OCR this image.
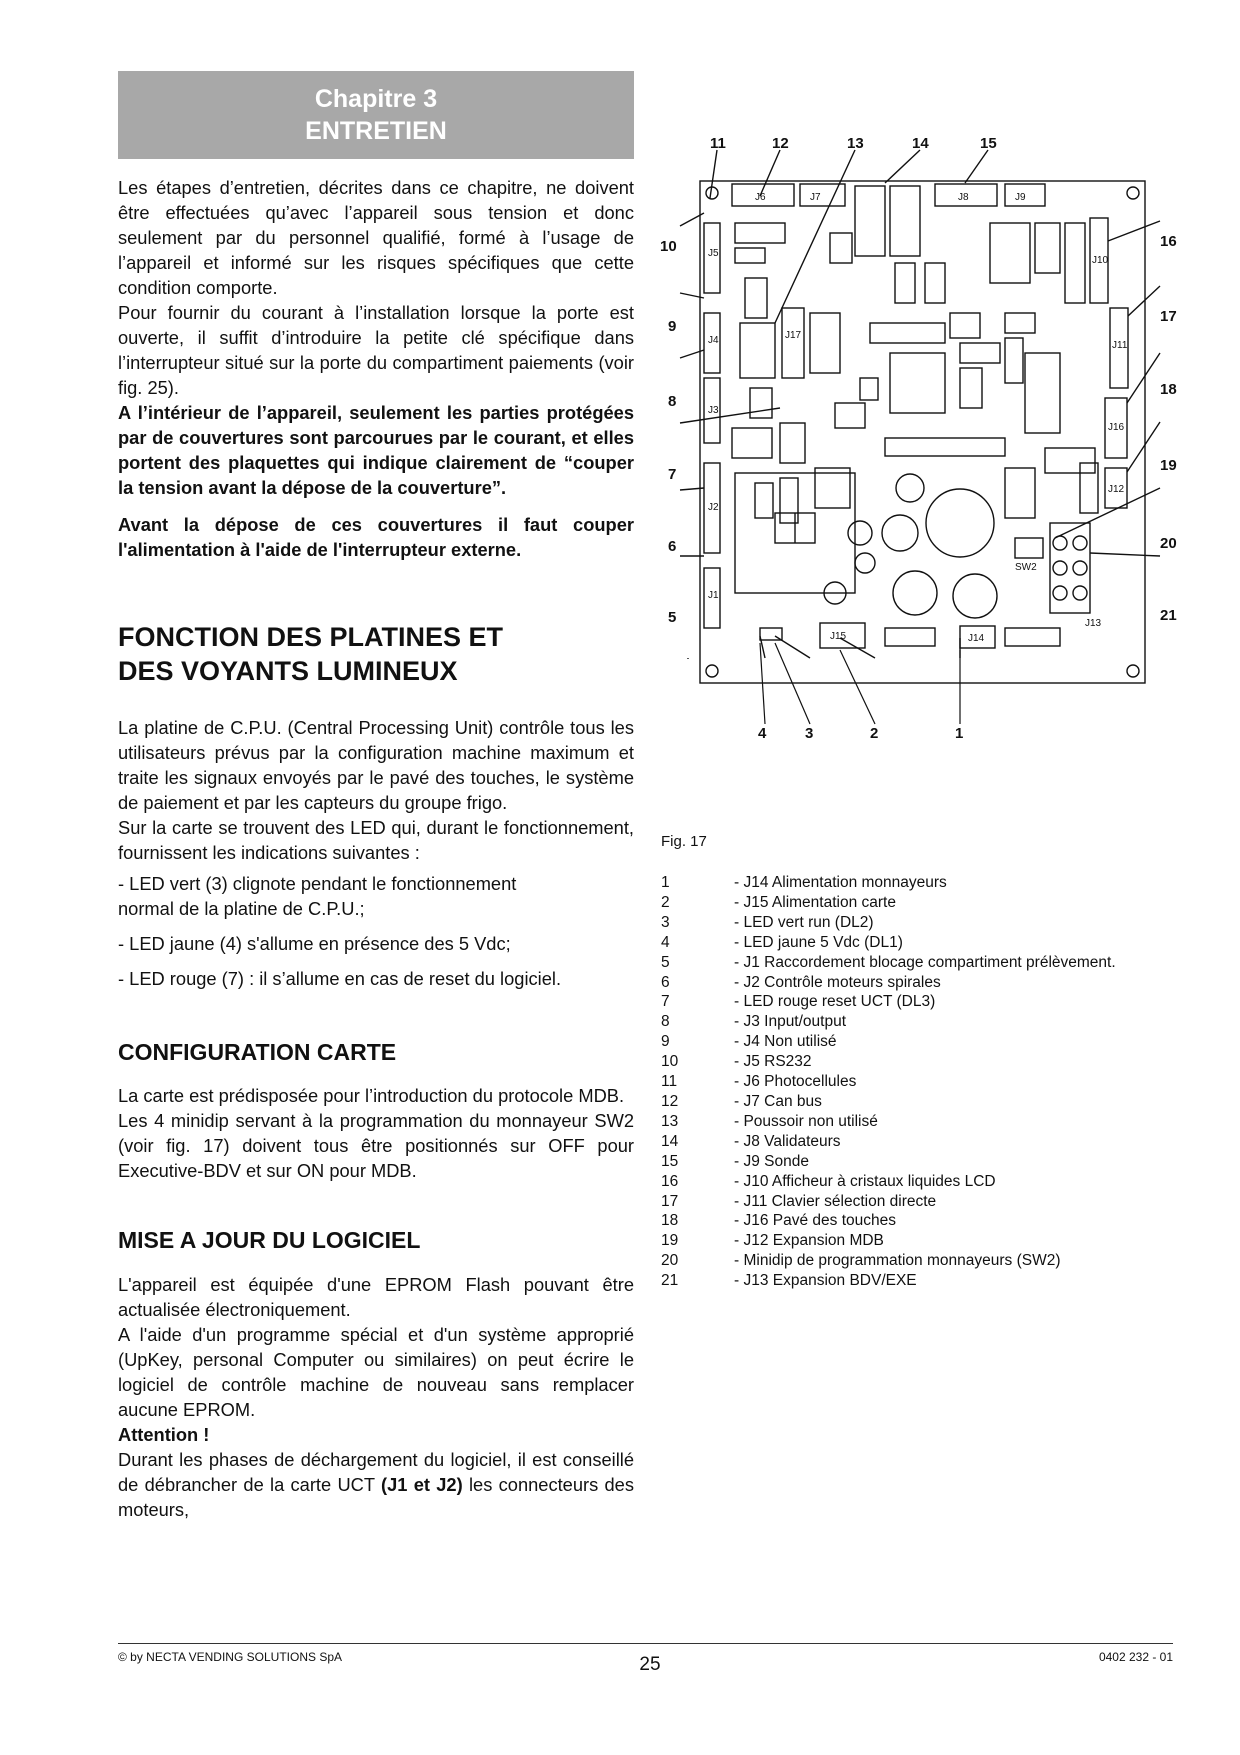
Chapitre 3
ENTRETIEN

Les étapes d’entretien, décrites dans ce chapitre, ne doivent être effectuées qu’avec l’appareil sous tension et donc seulement par du personnel qualifié, formé à l’usage de l’appareil et informé sur les risques spécifiques que cette condition comporte.

Pour fournir du courant à l’installation lorsque la porte est ouverte, il suffit d’introduire la petite clé spécifique dans l’interrupteur situé sur la porte du compartiment paiements (voir fig. 25).

A l’intérieur de l’appareil, seulement les parties protégées par de couvertures sont parcourues par le courant, et elles portent des plaquettes qui indique clairement de “couper la tension avant la dépose de la couverture”.

Avant la dépose de ces couvertures il faut couper l'alimentation à l'aide de l'interrupteur externe.

FONCTION DES PLATINES ET
DES VOYANTS LUMINEUX

La platine de C.P.U. (Central Processing Unit) contrôle tous les utilisateurs prévus par la configuration machine maximum et traite les signaux envoyés par le pavé des touches, le système de paiement et par les capteurs du groupe frigo.

Sur la carte se trouvent des LED qui, durant le fonctionnement, fournissent les indications suivantes :

- LED vert (3) clignote pendant le fonctionnement normal de la platine de C.P.U.;
- LED jaune (4) s'allume en présence des 5 Vdc;
- LED rouge (7) : il s’allume en cas de reset du logiciel.
CONFIGURATION CARTE

La carte est prédisposée pour l’introduction du protocole MDB.

Les 4 minidip servant à la programmation du monnayeur SW2 (voir fig. 17) doivent tous être positionnés sur OFF pour Executive-BDV et sur ON pour MDB.

MISE A JOUR DU LOGICIEL

L'appareil est équipée d'une EPROM Flash pouvant être actualisée électroniquement.

A l'aide d'un programme spécial et d'un système approprié (UpKey, personal Computer ou similaires) on peut écrire le logiciel de contrôle machine de nouveau sans remplacer aucune EPROM.

Attention !

Durant les phases de déchargement du logiciel, il est conseillé de débrancher de la carte UCT (J1 et J2) les connecteurs des moteurs,

J6	J7	J8	J9
J5
J4	J17
J3
J2
J1
J10
J11
J16
J12
SW2
J13
J15	J14
11	12	13	14	15
10
9
8
7
6
5
16
17
18
19
20
21
4	3	2	1
Fig. 17
1	- J14 Alimentation monnayeurs
2	- J15 Alimentation carte
3	- LED vert run (DL2)
4	- LED jaune 5 Vdc (DL1)
5	- J1 Raccordement blocage compartiment prélèvement.
6	- J2 Contrôle moteurs spirales
7	- LED rouge reset UCT (DL3)
8	- J3 Input/output
9	- J4 Non utilisé
10	- J5 RS232
11	- J6 Photocellules
12	- J7 Can bus
13	- Poussoir non utilisé
14	- J8 Validateurs
15	- J9 Sonde
16	- J10 Afficheur à cristaux liquides LCD
17	- J11 Clavier sélection directe
18	- J16 Pavé des touches
19	- J12 Expansion MDB
20	- Minidip de programmation monnayeurs (SW2)
21	- J13 Expansion BDV/EXE
© by NECTA VENDING SOLUTIONS SpA	25	0402 232 - 01
